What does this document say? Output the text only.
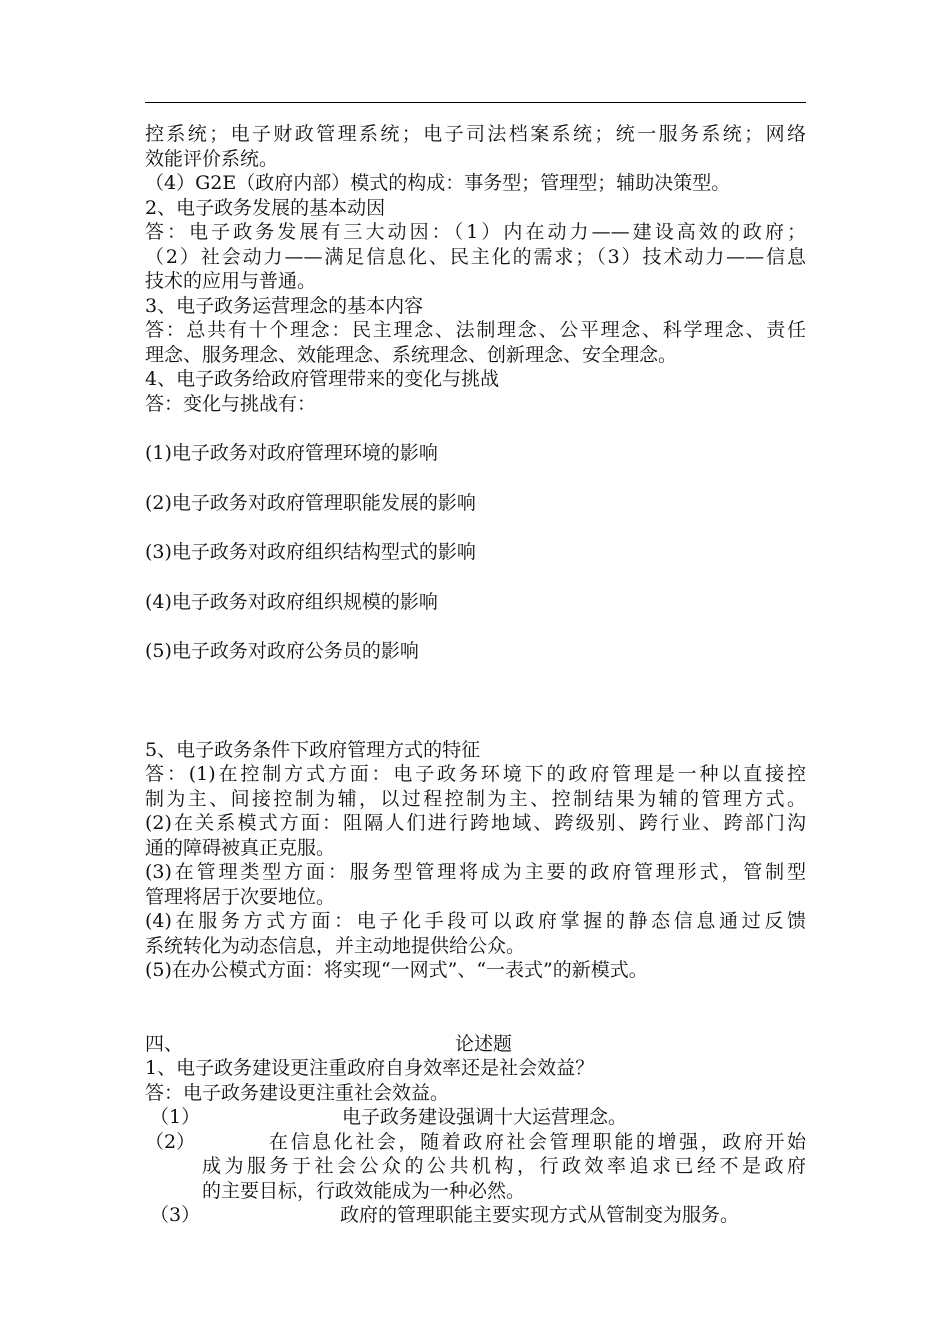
控系统；电子财政管理系统；电子司法档案系统；统一服务系统；网络
效能评价系统。
（4）G2E（政府内部）模式的构成：事务型；管理型；辅助决策型。
2、电子政务发展的基本动因
答：电子政务发展有三大动因：（1）内在动力——建设高效的政府；
（2）社会动力——满足信息化、民主化的需求；（3）技术动力——信息
技术的应用与普通。
3、电子政务运营理念的基本内容
答：总共有十个理念：民主理念、法制理念、公平理念、科学理念、责任
理念、服务理念、效能理念、系统理念、创新理念、安全理念。
4、电子政务给政府管理带来的变化与挑战
答：变化与挑战有：
(1)电子政务对政府管理环境的影响
(2)电子政务对政府管理职能发展的影响
(3)电子政务对政府组织结构型式的影响
(4)电子政务对政府组织规模的影响
(5)电子政务对政府公务员的影响
5、电子政务条件下政府管理方式的特征
答：(1)在控制方式方面：电子政务环境下的政府管理是一种以直接控
制为主、间接控制为辅，以过程控制为主、控制结果为辅的管理方式。
(2)在关系模式方面：阻隔人们进行跨地域、跨级别、跨行业、跨部门沟
通的障碍被真正克服。
(3)在管理类型方面：服务型管理将成为主要的政府管理形式，管制型
管理将居于次要地位。
(4)在服务方式方面：电子化手段可以政府掌握的静态信息通过反馈
系统转化为动态信息，并主动地提供给公众。
(5)在办公模式方面：将实现“一网式”、“一表式”的新模式。
四、	论述题
1、电子政务建设更注重政府自身效率还是社会效益？
答：电子政务建设更注重社会效益。
（1）	电子政务建设强调十大运营理念。
（2）	在信息化社会，随着政府社会管理职能的增强，政府开始
成为服务于社会公众的公共机构，行政效率追求已经不是政府
的主要目标，行政效能成为一种必然。
（3）	政府的管理职能主要实现方式从管制变为服务。
